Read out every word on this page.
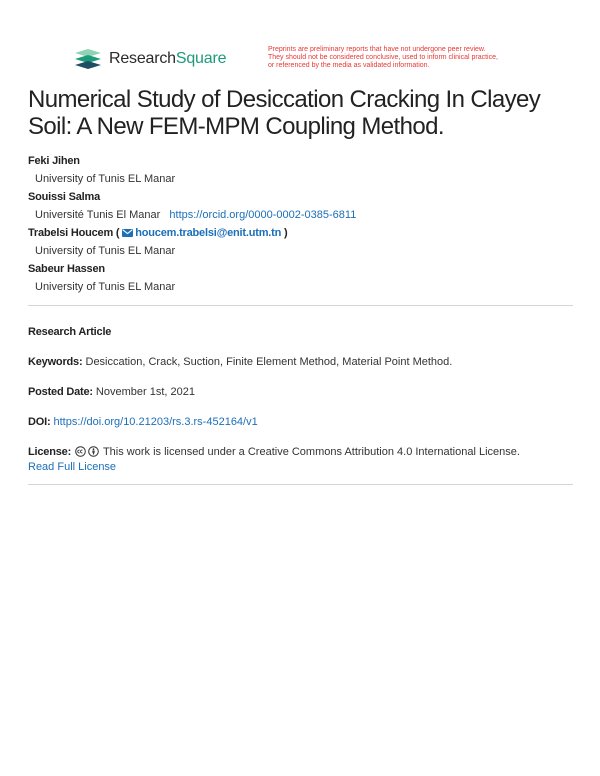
ResearchSquare
Preprints are preliminary reports that have not undergone peer review.
They should not be considered conclusive, used to inform clinical practice,
or referenced by the media as validated information.
Numerical Study of Desiccation Cracking In Clayey Soil: A New FEM-MPM Coupling Method.
Feki Jihen
University of Tunis EL Manar
Souissi Salma
Université Tunis El Manar https://orcid.org/0000-0002-0385-6811
Trabelsi Houcem ( houcem.trabelsi@enit.utm.tn )
University of Tunis EL Manar
Sabeur Hassen
University of Tunis EL Manar
Research Article
Keywords: Desiccation, Crack, Suction, Finite Element Method, Material Point Method.
Posted Date: November 1st, 2021
DOI: https://doi.org/10.21203/rs.3.rs-452164/v1
License:	This work is licensed under a Creative Commons Attribution 4.0 International License.
Read Full License
